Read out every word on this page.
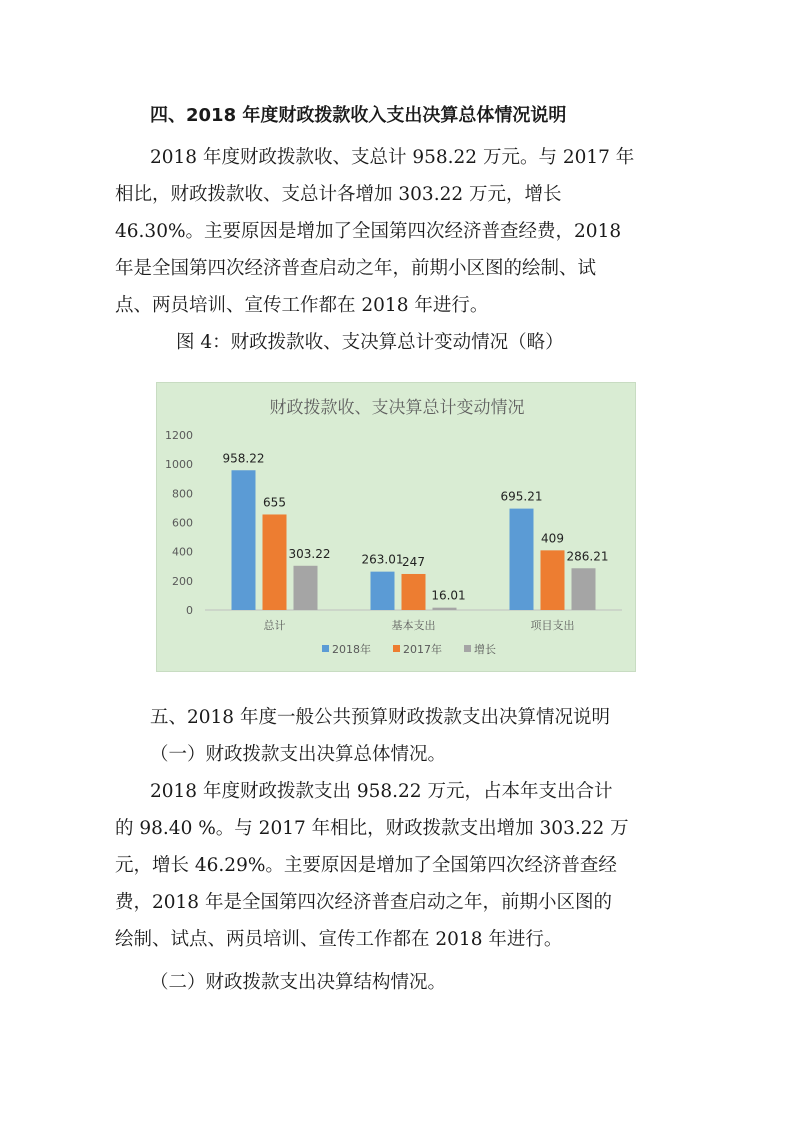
四、2018 年度财政拨款收入支出决算总体情况说明
2018 年度财政拨款收、支总计 958.22 万元。与 2017 年
相比，财政拨款收、支总计各增加 303.22 万元，增长
46.30%。主要原因是增加了全国第四次经济普查经费，2018
年是全国第四次经济普查启动之年，前期小区图的绘制、试
点、两员培训、宣传工作都在 2018 年进行。
图 4：财政拨款收、支决算总计变动情况（略）
财政拨款收、支决算总计变动情况
0
200
400
600
800
1000
1200
958.22
655
303.22	263.01
247
16.01
695.21
409
286.21
总计	基本支出	项目支出
2018年	2017年	增长
五、2018 年度一般公共预算财政拨款支出决算情况说明
（一）财政拨款支出决算总体情况。
2018 年度财政拨款支出 958.22 万元，占本年支出合计
的 98.40 %。与 2017 年相比，财政拨款支出增加 303.22 万
元，增长 46.29%。主要原因是增加了全国第四次经济普查经
费，2018 年是全国第四次经济普查启动之年，前期小区图的
绘制、试点、两员培训、宣传工作都在 2018 年进行。
（二）财政拨款支出决算结构情况。
